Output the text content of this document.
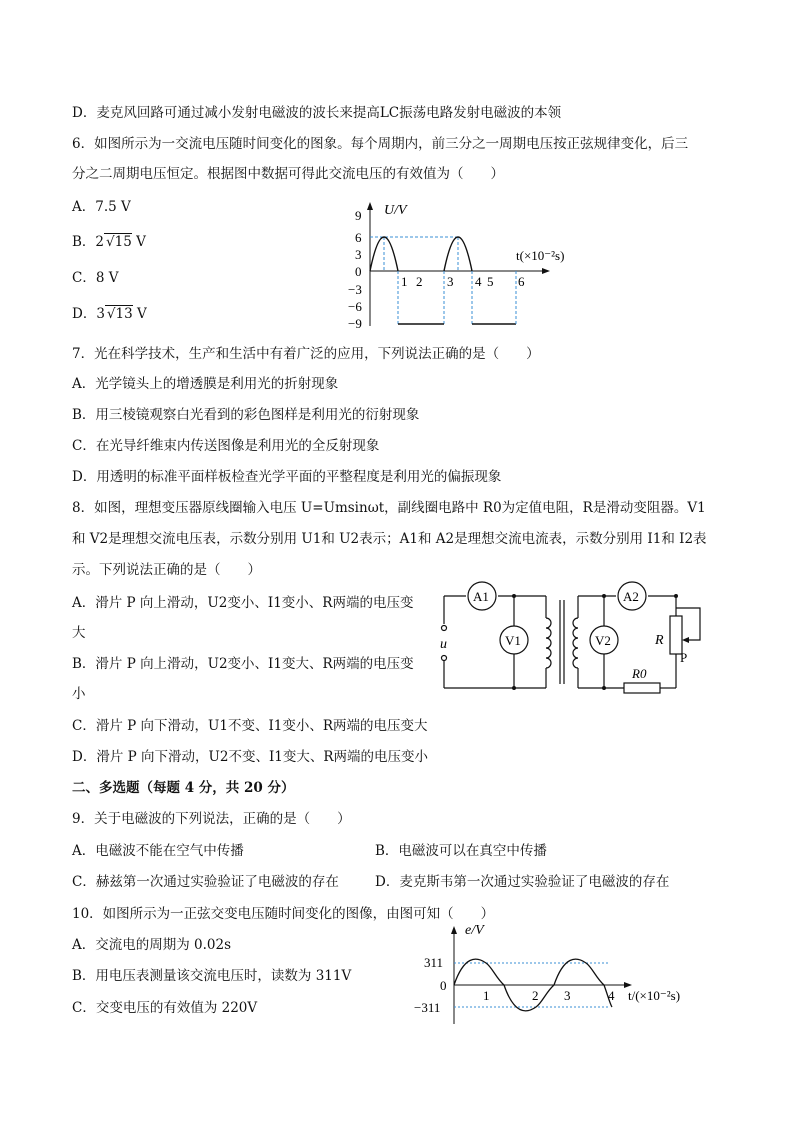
D．麦克风回路可通过减小发射电磁波的波长来提高LC振荡电路发射电磁波的本领
6．如图所示为一交流电压随时间变化的图象。每个周期内，前三分之一周期电压按正弦规律变化，后三
分之二周期电压恒定。根据图中数据可得此交流电压的有效值为（　　）
A．7.5 V
B．2 √15 V
C．8 V
D．3 √13 V
U/V
t(×10⁻²s)
9
6
3
0
−3
−6
−9
1 2 3 4 5 6
7．光在科学技术，生产和生活中有着广泛的应用，下列说法正确的是（　　）
A．光学镜头上的增透膜是利用光的折射现象
B．用三棱镜观察白光看到的彩色图样是利用光的衍射现象
C．在光导纤维束内传送图像是利用光的全反射现象
D．用透明的标准平面样板检查光学平面的平整程度是利用光的偏振现象
8．如图，理想变压器原线圈输入电压 U=Umsinωt，副线圈电路中 R0为定值电阻，R是滑动变阻器。V1
和 V2是理想交流电压表，示数分别用 U1和 U2表示；A1和 A2是理想交流电流表，示数分别用 I1和 I2表
示。下列说法正确的是（　　）
A．滑片 P 向上滑动，U2变小、I1变小、R两端的电压变
大
B．滑片 P 向上滑动，U2变小、I1变大、R两端的电压变
小
C．滑片 P 向下滑动，U1不变、I1变小、R两端的电压变大
D．滑片 P 向下滑动，U2不变、I1变大、R两端的电压变小
A1
V1	V2
A2
u	R
R0
P
二、多选题（每题 4 分，共 20 分）
9．关于电磁波的下列说法，正确的是（　　）
A．电磁波不能在空气中传播	B．电磁波可以在真空中传播
C．赫兹第一次通过实验验证了电磁波的存在	D．麦克斯韦第一次通过实验验证了电磁波的存在
10．如图所示为一正弦交变电压随时间变化的图像，由图可知（　　）
A．交流电的周期为 0.02s
B．用电压表测量该交流电压时，读数为 311V
C．交变电压的有效值为 220V
e/V
t/(×10⁻²s)
311
0
−311
1	2 3	4
